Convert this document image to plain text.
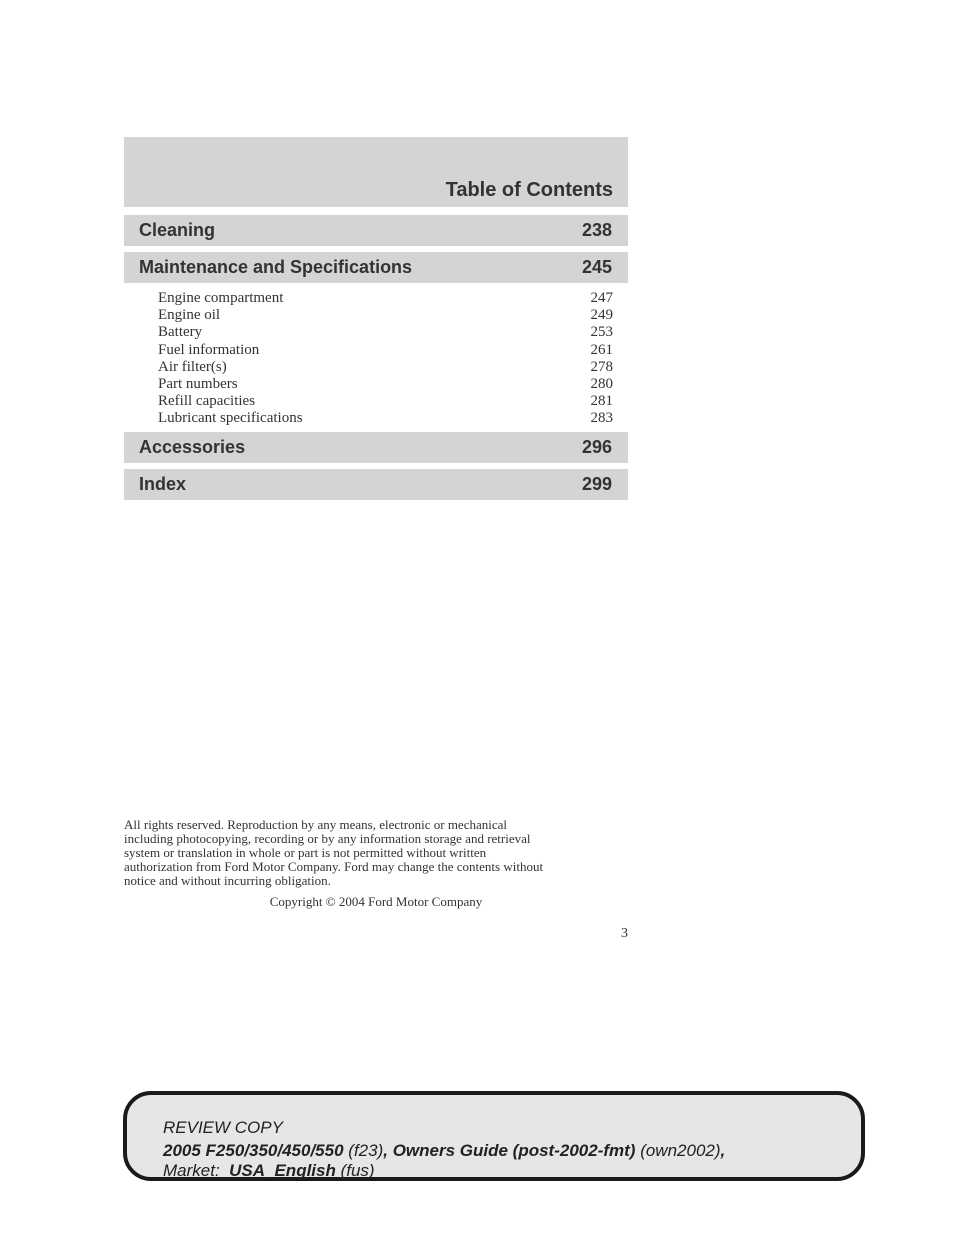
Table of Contents
Cleaning	238
Maintenance and Specifications	245
Engine compartment	247
Engine oil	249
Battery	253
Fuel information	261
Air filter(s)	278
Part numbers	280
Refill capacities	281
Lubricant specifications	283
Accessories	296
Index	299
All rights reserved. Reproduction by any means, electronic or mechanical
including photocopying, recording or by any information storage and retrieval
system or translation in whole or part is not permitted without written
authorization from Ford Motor Company. Ford may change the contents without
notice and without incurring obligation.
Copyright © 2004 Ford Motor Company
3
REVIEW COPY
2005 F250/350/450/550 (f23), Owners Guide (post-2002-fmt) (own2002),
Market:  USA_English (fus)
